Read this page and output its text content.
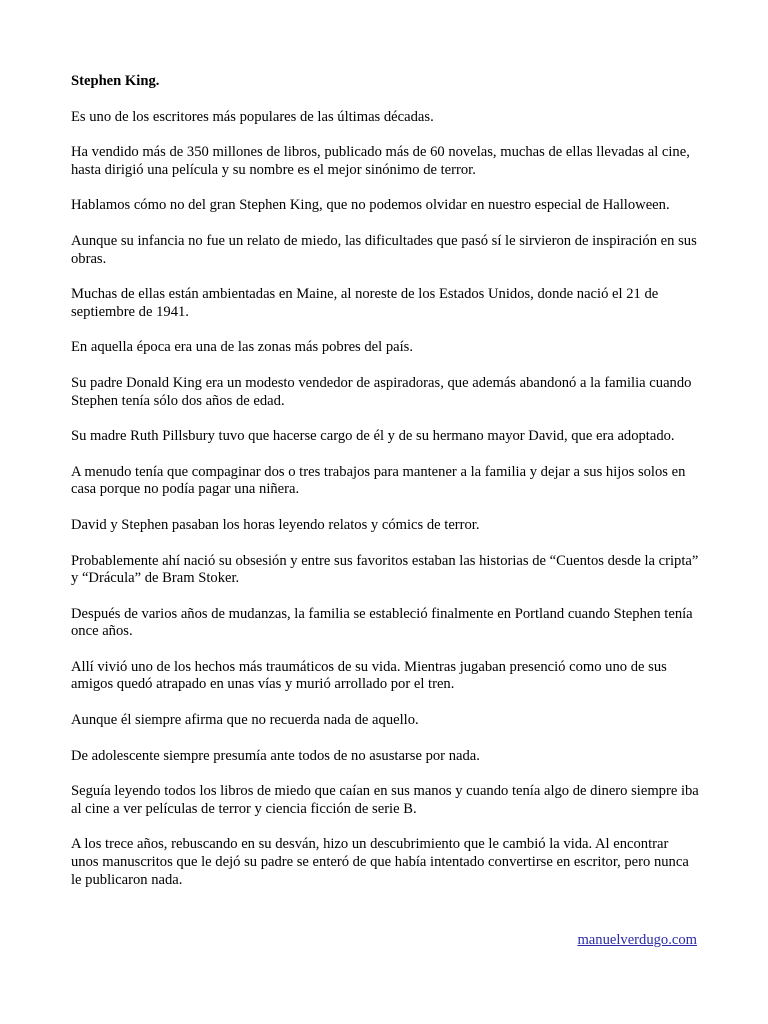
Stephen King.

Es uno de los escritores más populares de las últimas décadas.

Ha vendido más de 350 millones de libros, publicado más de 60 novelas, muchas de ellas llevadas al cine, hasta dirigió una película y su nombre es el mejor sinónimo de terror.

Hablamos cómo no del gran Stephen King, que no podemos olvidar en nuestro especial de Halloween.

Aunque su infancia no fue un relato de miedo, las dificultades que pasó sí le sirvieron de inspiración en sus obras.

Muchas de ellas están ambientadas en Maine, al noreste de los Estados Unidos, donde nació el 21 de septiembre de 1941.

En aquella época era una de las zonas más pobres del país.

Su padre Donald King era un modesto vendedor de aspiradoras, que además abandonó a la familia cuando Stephen tenía sólo dos años de edad.

Su madre Ruth Pillsbury tuvo que hacerse cargo de él y de su hermano mayor David, que era adoptado.

A menudo tenía que compaginar dos o tres trabajos para mantener a la familia y dejar a sus hijos solos en casa porque no podía pagar una niñera.

David y Stephen pasaban los horas leyendo relatos y cómics de terror.

Probablemente ahí nació su obsesión y entre sus favoritos estaban las historias de “Cuentos desde la cripta” y “Drácula” de Bram Stoker.

Después de varios años de mudanzas, la familia se estableció finalmente en Portland cuando Stephen tenía once años.

Allí vivió uno de los hechos más traumáticos de su vida. Mientras jugaban presenció como uno de sus amigos quedó atrapado en unas vías y murió arrollado por el tren.

Aunque él siempre afirma que no recuerda nada de aquello.

De adolescente siempre presumía ante todos de no asustarse por nada.

Seguía leyendo todos los libros de miedo que caían en sus manos y cuando tenía algo de dinero siempre iba al cine a ver películas de terror y ciencia ficción de serie B.

A los trece años, rebuscando en su desván, hizo un descubrimiento que le cambió la vida. Al encontrar unos manuscritos que le dejó su padre se enteró de que había intentado convertirse en escritor, pero nunca le publicaron nada.

manuelverdugo.com
